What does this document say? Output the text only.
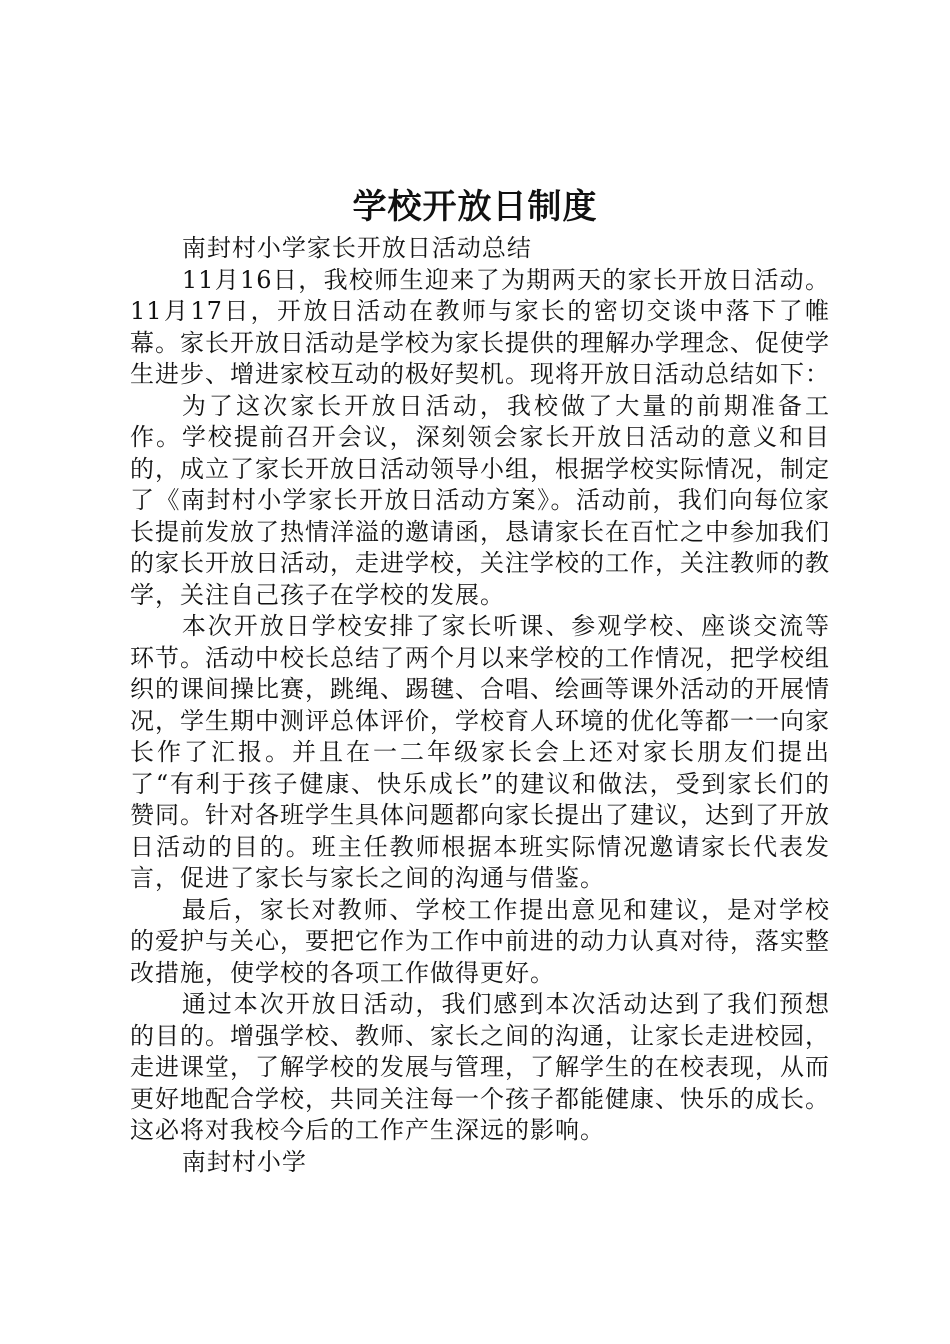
学校开放日制度

南封村小学家长开放日活动总结

11月16日，我校师生迎来了为期两天的家长开放日活动。11月17日，开放日活动在教师与家长的密切交谈中落下了帷幕。家长开放日活动是学校为家长提供的理解办学理念、促使学生进步、增进家校互动的极好契机。现将开放日活动总结如下：

为了这次家长开放日活动，我校做了大量的前期准备工作。学校提前召开会议，深刻领会家长开放日活动的意义和目的，成立了家长开放日活动领导小组，根据学校实际情况，制定了《南封村小学家长开放日活动方案》。活动前，我们向每位家长提前发放了热情洋溢的邀请函，恳请家长在百忙之中参加我们的家长开放日活动，走进学校，关注学校的工作，关注教师的教学，关注自己孩子在学校的发展。

本次开放日学校安排了家长听课、参观学校、座谈交流等环节。活动中校长总结了两个月以来学校的工作情况，把学校组织的课间操比赛，跳绳、踢毽、合唱、绘画等课外活动的开展情况，学生期中测评总体评价，学校育人环境的优化等都一一向家长作了汇报。并且在一二年级家长会上还对家长朋友们提出了“有利于孩子健康、快乐成长”的建议和做法，受到家长们的赞同。针对各班学生具体问题都向家长提出了建议，达到了开放日活动的目的。班主任教师根据本班实际情况邀请家长代表发言，促进了家长与家长之间的沟通与借鉴。

最后，家长对教师、学校工作提出意见和建议，是对学校的爱护与关心，要把它作为工作中前进的动力认真对待，落实整改措施，使学校的各项工作做得更好。

通过本次开放日活动，我们感到本次活动达到了我们预想的目的。增强学校、教师、家长之间的沟通，让家长走进校园，走进课堂，了解学校的发展与管理，了解学生的在校表现，从而更好地配合学校，共同关注每一个孩子都能健康、快乐的成长。这必将对我校今后的工作产生深远的影响。

南封村小学
